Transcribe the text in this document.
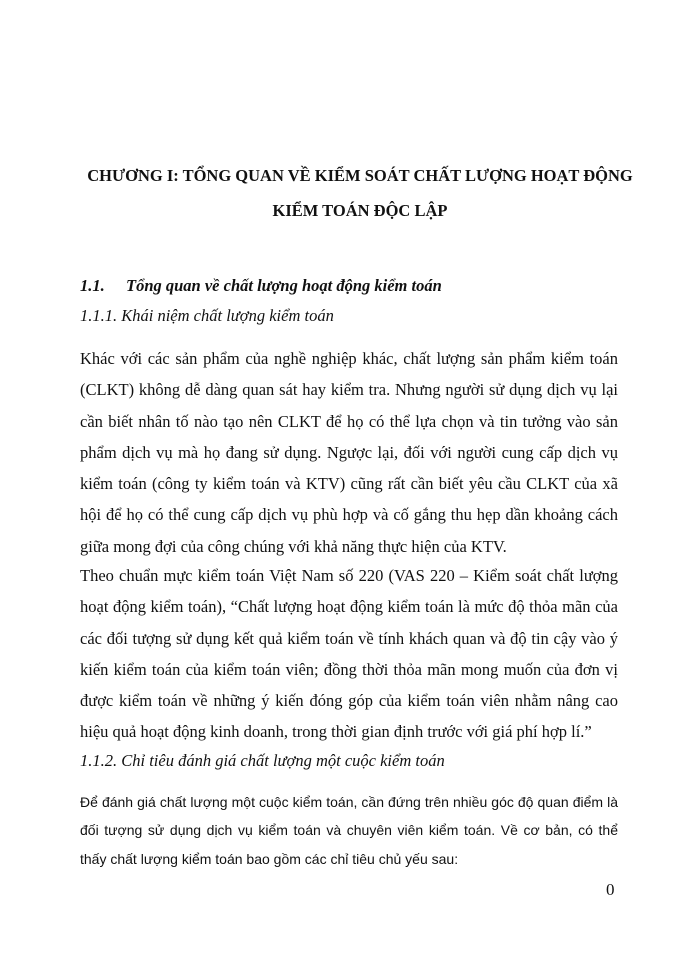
CHƯƠNG I: TỔNG QUAN VỀ KIỂM SOÁT CHẤT LƯỢNG HOẠT ĐỘNG
KIỂM TOÁN ĐỘC LẬP
1.1. Tổng quan về chất lượng hoạt động kiểm toán
1.1.1. Khái niệm chất lượng kiểm toán

Khác với các sản phẩm của nghề nghiệp khác, chất lượng sản phẩm kiểm toán (CLKT) không dễ dàng quan sát hay kiểm tra. Nhưng người sử dụng dịch vụ lại cần biết nhân tố nào tạo nên CLKT để họ có thể lựa chọn và tin tưởng vào sản phẩm dịch vụ mà họ đang sử dụng. Ngược lại, đối với người cung cấp dịch vụ kiểm toán (công ty kiểm toán và KTV) cũng rất cần biết yêu cầu CLKT của xã hội để họ có thể cung cấp dịch vụ phù hợp và cố gắng thu hẹp dần khoảng cách giữa mong đợi của công chúng với khả năng thực hiện của KTV.

Theo chuẩn mực kiểm toán Việt Nam số 220 (VAS 220 – Kiểm soát chất lượng hoạt động kiểm toán), “Chất lượng hoạt động kiểm toán là mức độ thỏa mãn của các đối tượng sử dụng kết quả kiểm toán về tính khách quan và độ tin cậy vào ý kiến kiểm toán của kiểm toán viên; đồng thời thỏa mãn mong muốn của đơn vị được kiểm toán về những ý kiến đóng góp của kiểm toán viên nhằm nâng cao hiệu quả hoạt động kinh doanh, trong thời gian định trước với giá phí hợp lí.”

1.1.2. Chỉ tiêu đánh giá chất lượng một cuộc kiểm toán

Để đánh giá chất lượng một cuộc kiểm toán, cần đứng trên nhiều góc độ quan điểm là đối tượng sử dụng dịch vụ kiểm toán và chuyên viên kiểm toán. Về cơ bản, có thể thấy chất lượng kiểm toán bao gồm các chỉ tiêu chủ yếu sau:

0
